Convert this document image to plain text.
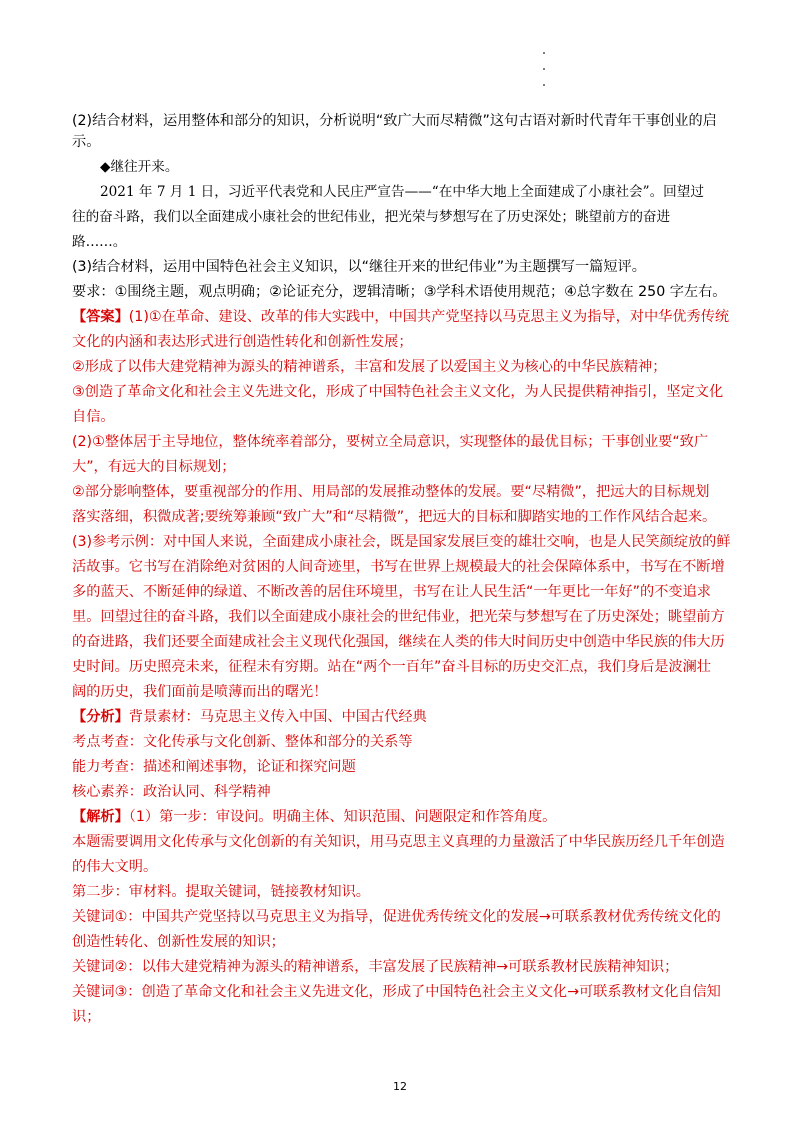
(2)结合材料，运用整体和部分的知识，分析说明“致广大而尽精微”这句古语对新时代青年干事创业的启

示。

◆继往开来。

2021 年 7 月 1 日，习近平代表党和人民庄严宣告——“在中华大地上全面建成了小康社会”。回望过

往的奋斗路，我们以全面建成小康社会的世纪伟业，把光荣与梦想写在了历史深处；眺望前方的奋进

路……。

(3)结合材料，运用中国特色社会主义知识，以“继往开来的世纪伟业”为主题撰写一篇短评。

要求：①围绕主题，观点明确；②论证充分，逻辑清晰；③学科术语使用规范；④总字数在 250 字左右。

【答案】(1)①在革命、建设、改革的伟大实践中，中国共产党坚持以马克思主义为指导，对中华优秀传统

文化的内涵和表达形式进行创造性转化和创新性发展；

②形成了以伟大建党精神为源头的精神谱系，丰富和发展了以爱国主义为核心的中华民族精神；

③创造了革命文化和社会主义先进文化，形成了中国特色社会主义文化，为人民提供精神指引，坚定文化

自信。

(2)①整体居于主导地位，整体统率着部分，要树立全局意识，实现整体的最优目标；干事创业要“致广

大”，有远大的目标规划；

②部分影响整体，要重视部分的作用、用局部的发展推动整体的发展。要“尽精微”，把远大的目标规划

落实落细，积微成著;要统筹兼顾“致广大”和“尽精微”，把远大的目标和脚踏实地的工作作风结合起来。

(3)参考示例：对中国人来说，全面建成小康社会，既是国家发展巨变的雄壮交响，也是人民笑颜绽放的鲜

活故事。它书写在消除绝对贫困的人间奇迹里，书写在世界上规模最大的社会保障体系中，书写在不断增

多的蓝天、不断延伸的绿道、不断改善的居住环境里，书写在让人民生活“一年更比一年好”的不变追求

里。回望过往的奋斗路，我们以全面建成小康社会的世纪伟业，把光荣与梦想写在了历史深处；眺望前方

的奋进路，我们还要全面建成社会主义现代化强国，继续在人类的伟大时间历史中创造中华民族的伟大历

史时间。历史照亮未来，征程未有穷期。站在“两个一百年”奋斗目标的历史交汇点，我们身后是波澜壮

阔的历史，我们面前是喷薄而出的曙光！

【分析】背景素材：马克思主义传入中国、中国古代经典

考点考查：文化传承与文化创新、整体和部分的关系等

能力考查：描述和阐述事物，论证和探究问题

核心素养：政治认同、科学精神

【解析】（1）第一步：审设问。明确主体、知识范围、问题限定和作答角度。

本题需要调用文化传承与文化创新的有关知识，用马克思主义真理的力量激活了中华民族历经几千年创造

的伟大文明。

第二步：审材料。提取关键词，链接教材知识。

关键词①：中国共产党坚持以马克思主义为指导，促进优秀传统文化的发展→可联系教材优秀传统文化的

创造性转化、创新性发展的知识；

关键词②：以伟大建党精神为源头的精神谱系，丰富发展了民族精神→可联系教材民族精神知识；

关键词③：创造了革命文化和社会主义先进文化，形成了中国特色社会主义文化→可联系教材文化自信知

识；

12
